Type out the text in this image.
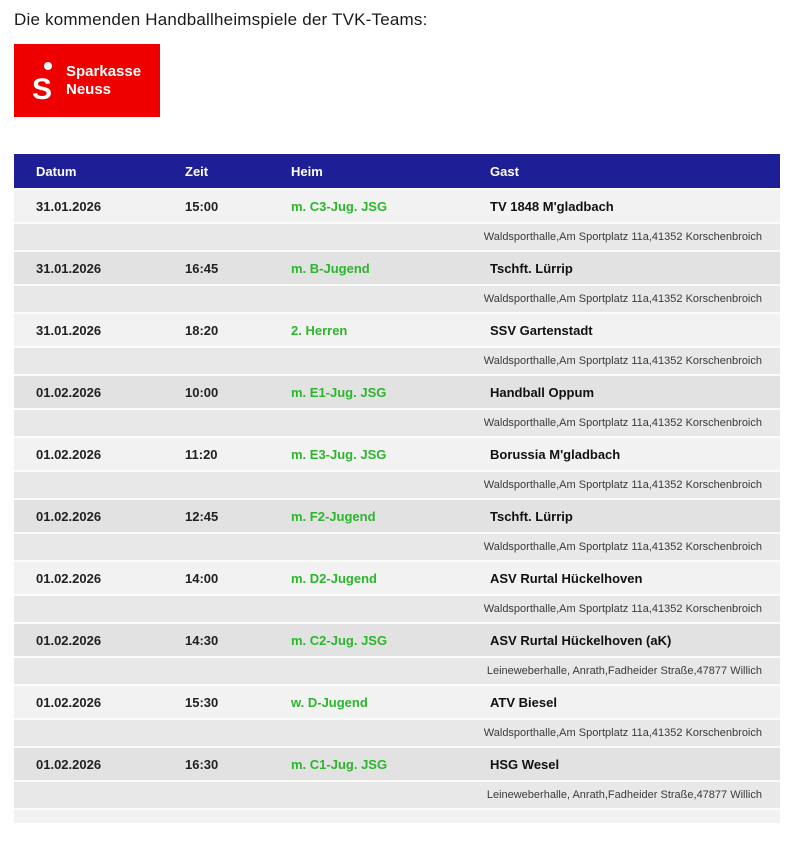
Die kommenden Handballheimspiele der TVK-Teams:
S
Sparkasse
Neuss
Datum	Zeit	Heim	Gast
31.01.2026	15:00	m. C3-Jug. JSG	TV 1848 M'gladbach
Waldsporthalle,Am Sportplatz 11a,41352 Korschenbroich
31.01.2026	16:45	m. B-Jugend	Tschft. Lürrip
Waldsporthalle,Am Sportplatz 11a,41352 Korschenbroich
31.01.2026	18:20	2. Herren	SSV Gartenstadt
Waldsporthalle,Am Sportplatz 11a,41352 Korschenbroich
01.02.2026	10:00	m. E1-Jug. JSG	Handball Oppum
Waldsporthalle,Am Sportplatz 11a,41352 Korschenbroich
01.02.2026	11:20	m. E3-Jug. JSG	Borussia M'gladbach
Waldsporthalle,Am Sportplatz 11a,41352 Korschenbroich
01.02.2026	12:45	m. F2-Jugend	Tschft. Lürrip
Waldsporthalle,Am Sportplatz 11a,41352 Korschenbroich
01.02.2026	14:00	m. D2-Jugend	ASV Rurtal Hückelhoven
Waldsporthalle,Am Sportplatz 11a,41352 Korschenbroich
01.02.2026	14:30	m. C2-Jug. JSG	ASV Rurtal Hückelhoven (aK)
Leineweberhalle, Anrath,Fadheider Straße,47877 Willich
01.02.2026	15:30	w. D-Jugend	ATV Biesel
Waldsporthalle,Am Sportplatz 11a,41352 Korschenbroich
01.02.2026	16:30	m. C1-Jug. JSG	HSG Wesel
Leineweberhalle, Anrath,Fadheider Straße,47877 Willich
